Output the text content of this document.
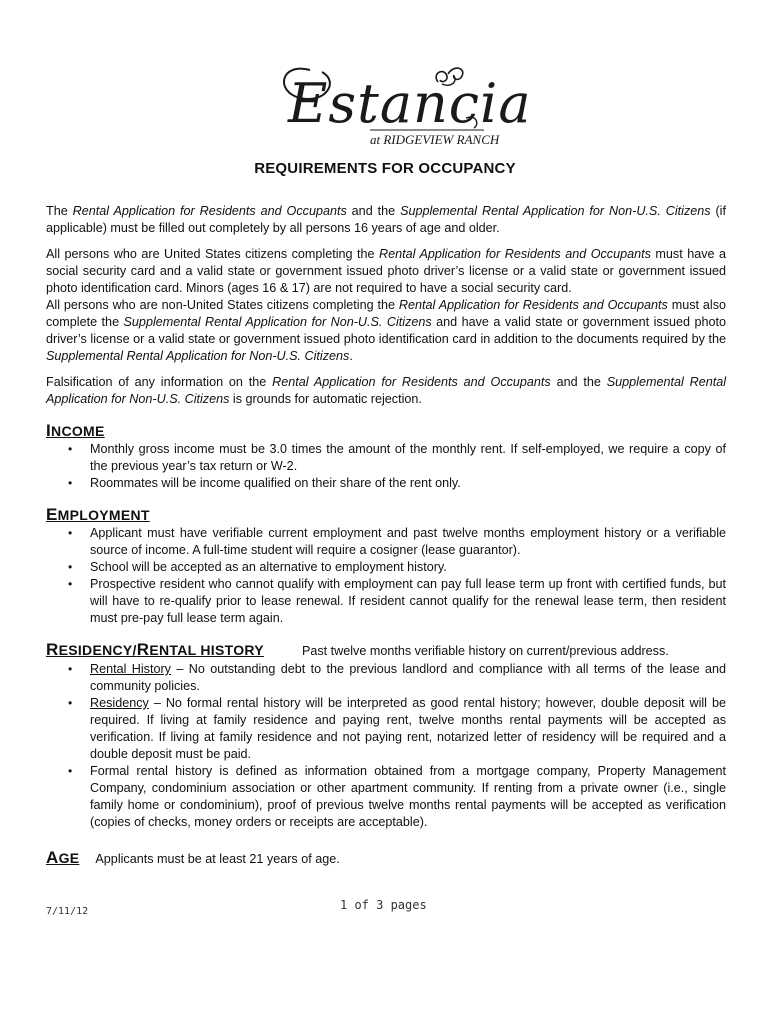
Estancia
at RIDGEVIEW RANCH
REQUIREMENTS FOR OCCUPANCY

The Rental Application for Residents and Occupants and the Supplemental Rental Application for Non-U.S. Citizens (if applicable) must be filled out completely by all persons 16 years of age and older.

All persons who are United States citizens completing the Rental Application for Residents and Occupants must have a social security card and a valid state or government issued photo driver’s license or a valid state or government issued photo identification card. Minors (ages 16 & 17) are not required to have a social security card.

All persons who are non-United States citizens completing the Rental Application for Residents and Occupants must also complete the Supplemental Rental Application for Non-U.S. Citizens and have a valid state or government issued photo driver’s license or a valid state or government issued photo identification card in addition to the documents required by the Supplemental Rental Application for Non-U.S. Citizens.

Falsification of any information on the Rental Application for Residents and Occupants and the Supplemental Rental Application for Non-U.S. Citizens is grounds for automatic rejection.

INCOME
• Monthly gross income must be 3.0 times the amount of the monthly rent. If self-employed, we require a copy of the previous year’s tax return or W-2.
• Roommates will be income qualified on their share of the rent only.
EMPLOYMENT
• Applicant must have verifiable current employment and past twelve months employment history or a verifiable source of income. A full-time student will require a cosigner (lease guarantor).
• School will be accepted as an alternative to employment history.
• Prospective resident who cannot qualify with employment can pay full lease term up front with certified funds, but will have to re-qualify prior to lease renewal. If resident cannot qualify for the renewal lease term, then resident must pre-pay full lease term again.
RESIDENCY/RENTAL HISTORY	Past twelve months verifiable history on current/previous address.
• Rental History – No outstanding debt to the previous landlord and compliance with all terms of the lease and community policies.
• Residency – No formal rental history will be interpreted as good rental history; however, double deposit will be required. If living at family residence and paying rent, twelve months rental payments will be accepted as verification. If living at family residence and not paying rent, notarized letter of residency will be required and a double deposit must be paid.
• Formal rental history is defined as information obtained from a mortgage company, Property Management Company, condominium association or other apartment community. If renting from a private owner (i.e., single family home or condominium), proof of previous twelve months rental payments will be accepted as verification (copies of checks, money orders or receipts are acceptable).
AGE Applicants must be at least 21 years of age.
7/11/12	1 of 3 pages
